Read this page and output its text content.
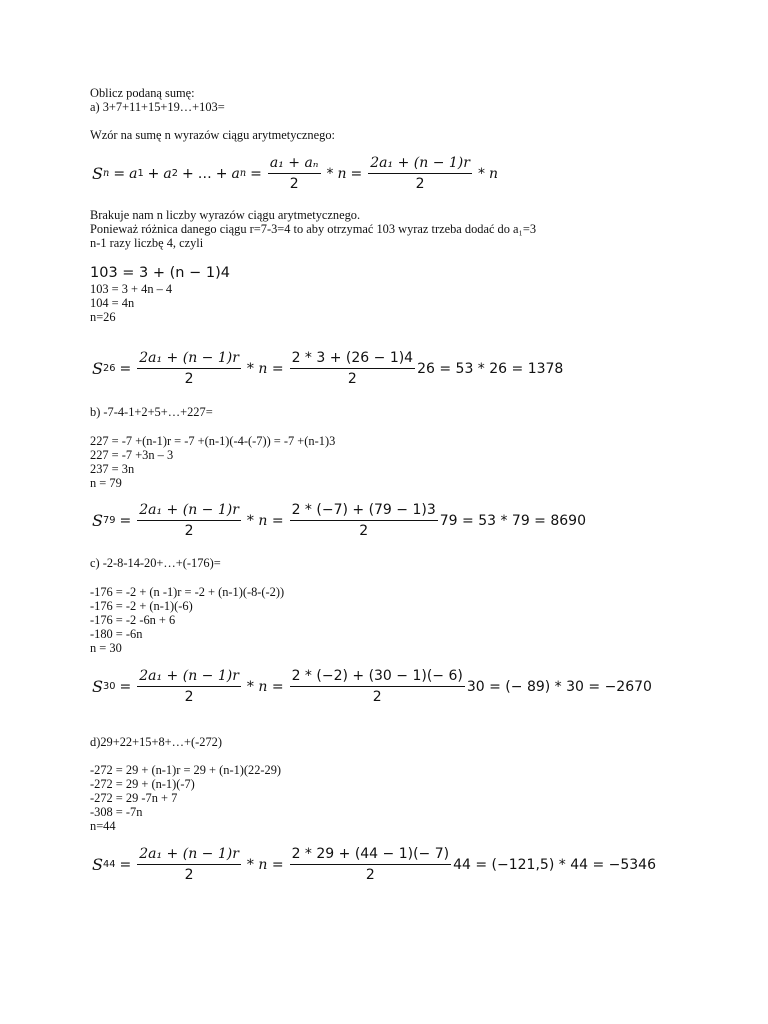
Oblicz podaną sumę:
a) 3+7+11+15+19…+103=
Wzór na sumę n wyrazów ciągu arytmetycznego:
S n = a 1 + a 2 + … + a $n = \frac{\text{a₁ + aₙ}}{2} * n = \frac{\text{2a₁ + (n − 1)r}}{2} * n$
Brakuje nam n liczby wyrazów ciągu arytmetycznego.
Ponieważ różnica danego ciągu r=7-3=4 to aby otrzymać 103 wyraz trzeba dodać do a₁=3
n-1 razy liczbę 4, czyli
103 = 3 + (n − 1)4
103 = 3 + 4n – 4
104 = 4n
n=26
S $26 = \frac{\text{2a₁ + (n − 1)r}}{2} * n = \frac{2 * 3 + (26 - 1)4}{2} 26 = 53 * 26 = 1378$
b) -7-4-1+2+5+…+227=
227 = -7 +(n-1)r = -7 +(n-1)(-4-(-7)) = -7 +(n-1)3
227 = -7 +3n – 3
237 = 3n
n = 79
S $79 = \frac{\text{2a₁ + (n − 1)r}}{2} * n = \frac{2 * (-7) + (79 - 1)3}{2} 79 = 53 * 79 = 8690$
c) -2-8-14-20+…+(-176)=
-176 = -2 + (n -1)r = -2 + (n-1)(-8-(-2))
-176 = -2 + (n-1)(-6)
-176 = -2 -6n + 6
-180 = -6n
n = 30
S $30 = \frac{\text{2a₁ + (n − 1)r}}{2} * n = \frac{2 * (-2) + (30 - 1)(- 6)}{2} 30$ = (− 89) * 30 = −2670
d)29+22+15+8+…+(-272)
-272 = 29 + (n-1)r = 29 + (n-1)(22-29)
-272 = 29 + (n-1)(-7)
-272 = 29 -7n + 7
-308 = -7n
n=44
S $44 = \frac{\text{2a₁ + (n − 1)r}}{2} * n = \frac{2 * 29 + (44 - 1)(- 7)}{2} 44 = (-121,5) * 44 = -5346$
